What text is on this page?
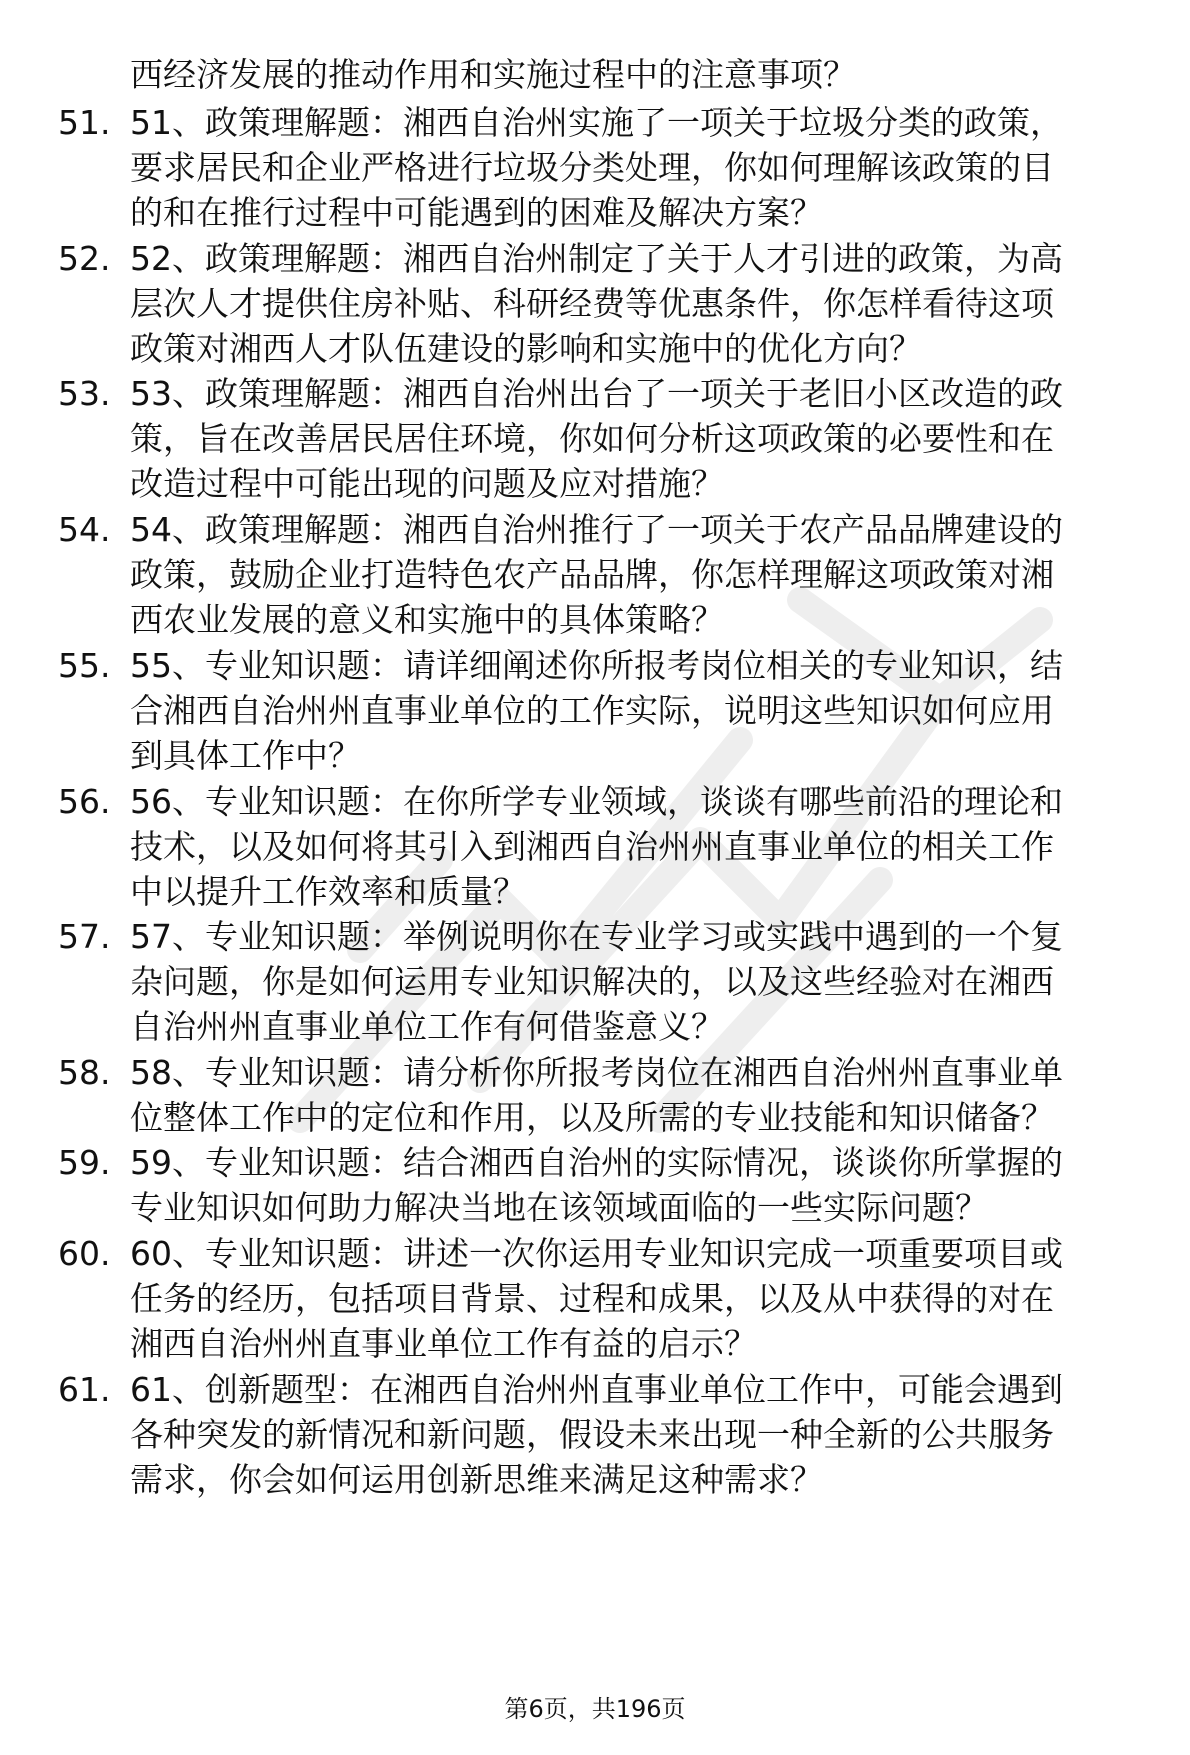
西经济发展的推动作用和实施过程中的注意事项？
51. 51、政策理解题：湘西自治州实施了一项关于垃圾分类的政策，
要求居民和企业严格进行垃圾分类处理，你如何理解该政策的目
的和在推行过程中可能遇到的困难及解决方案？
52. 52、政策理解题：湘西自治州制定了关于人才引进的政策，为高
层次人才提供住房补贴、科研经费等优惠条件，你怎样看待这项
政策对湘西人才队伍建设的影响和实施中的优化方向？
53. 53、政策理解题：湘西自治州出台了一项关于老旧小区改造的政
策，旨在改善居民居住环境，你如何分析这项政策的必要性和在
改造过程中可能出现的问题及应对措施？
54. 54、政策理解题：湘西自治州推行了一项关于农产品品牌建设的
政策，鼓励企业打造特色农产品品牌，你怎样理解这项政策对湘
西农业发展的意义和实施中的具体策略？
55. 55、专业知识题：请详细阐述你所报考岗位相关的专业知识，结
合湘西自治州州直事业单位的工作实际，说明这些知识如何应用
到具体工作中？
56. 56、专业知识题：在你所学专业领域，谈谈有哪些前沿的理论和
技术，以及如何将其引入到湘西自治州州直事业单位的相关工作
中以提升工作效率和质量？
57. 57、专业知识题：举例说明你在专业学习或实践中遇到的一个复
杂问题，你是如何运用专业知识解决的，以及这些经验对在湘西
自治州州直事业单位工作有何借鉴意义？
58. 58、专业知识题：请分析你所报考岗位在湘西自治州州直事业单
位整体工作中的定位和作用，以及所需的专业技能和知识储备？
59. 59、专业知识题：结合湘西自治州的实际情况，谈谈你所掌握的
专业知识如何助力解决当地在该领域面临的一些实际问题？
60. 60、专业知识题：讲述一次你运用专业知识完成一项重要项目或
任务的经历，包括项目背景、过程和成果，以及从中获得的对在
湘西自治州州直事业单位工作有益的启示？
61. 61、创新题型：在湘西自治州州直事业单位工作中，可能会遇到
各种突发的新情况和新问题，假设未来出现一种全新的公共服务
需求，你会如何运用创新思维来满足这种需求？
第6页，共196页
